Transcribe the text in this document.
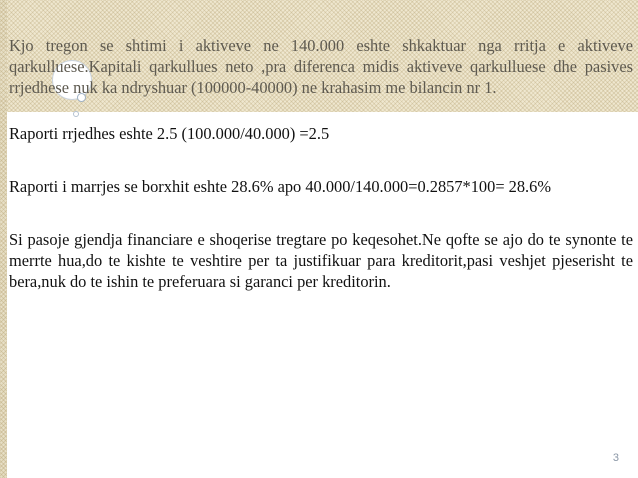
Kjo tregon se shtimi i aktiveve ne 140.000 eshte shkaktuar nga rritja e aktiveve qarkulluese.Kapitali qarkullues neto ,pra diferenca midis aktiveve qarkulluese dhe pasives rrjedhese nuk ka ndryshuar (100000-40000) ne krahasim me bilancin nr 1.

Raporti rrjedhes eshte 2.5 (100.000/40.000) =2.5

Raporti i marrjes se borxhit eshte 28.6% apo 40.000/140.000=0.2857*100= 28.6%

Si pasoje gjendja financiare e shoqerise tregtare po keqesohet.Ne qofte se ajo do te synonte te merrte hua,do te kishte te veshtire per ta justifikuar para kreditorit,pasi veshjet pjeserisht te bera,nuk do te ishin te preferuara si garanci per kreditorin.

3
